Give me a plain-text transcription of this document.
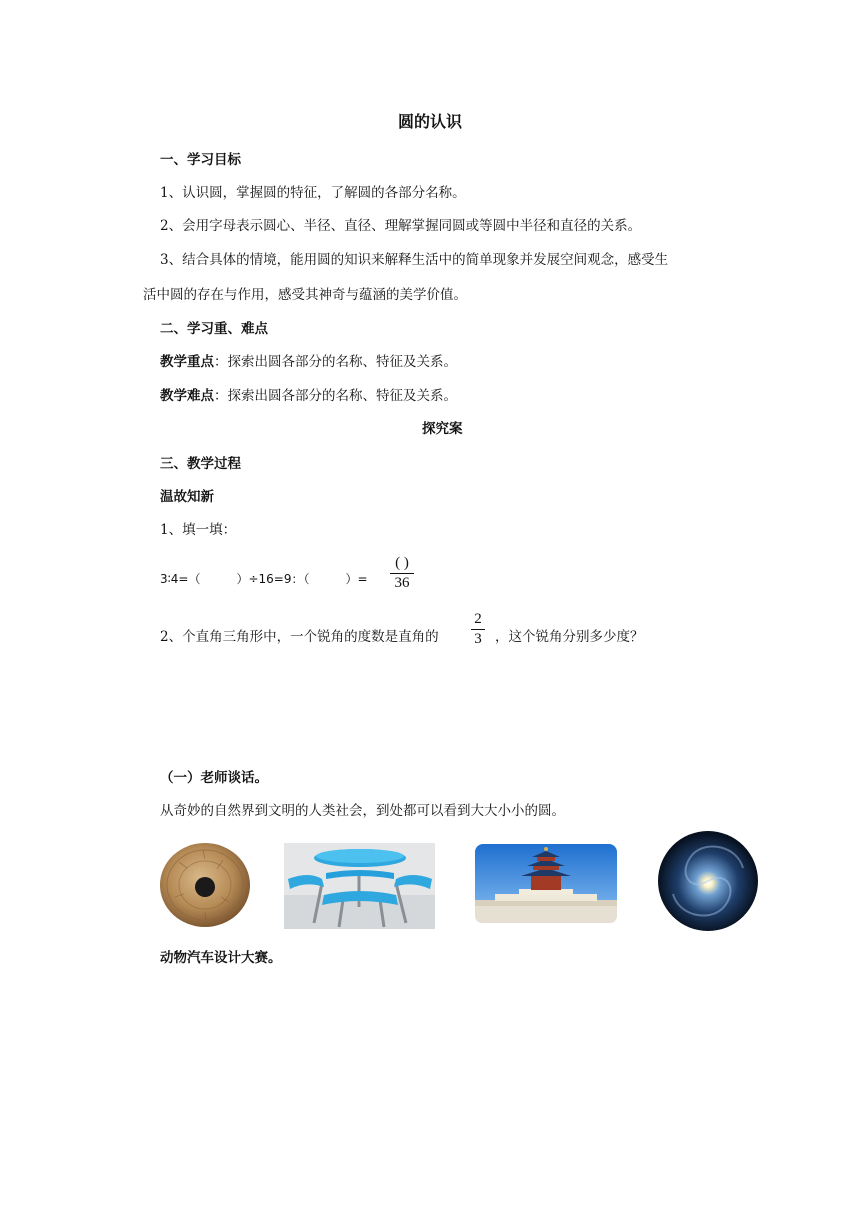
圆的认识
一、学习目标
1、认识圆，掌握圆的特征，了解圆的各部分名称。
2、会用字母表示圆心、半径、直径、理解掌握同圆或等圆中半径和直径的关系。
3、结合具体的情境，能用圆的知识来解释生活中的简单现象并发展空间观念，感受生
活中圆的存在与作用，感受其神奇与蕴涵的美学价值。
二、学习重、难点
教学重点：探索出圆各部分的名称、特征及关系。
教学难点：探索出圆各部分的名称、特征及关系。
探究案
三、教学过程
温故知新
1、填一填：
3∶4=（　　　）÷16=9：（　　　）=
( )
36
2、个直角三角形中，一个锐角的度数是直角的
2
3 ，这个锐角分别多少度？
（一）老师谈话。
从奇妙的自然界到文明的人类社会，到处都可以看到大大小小的圆。
动物汽车设计大赛。
